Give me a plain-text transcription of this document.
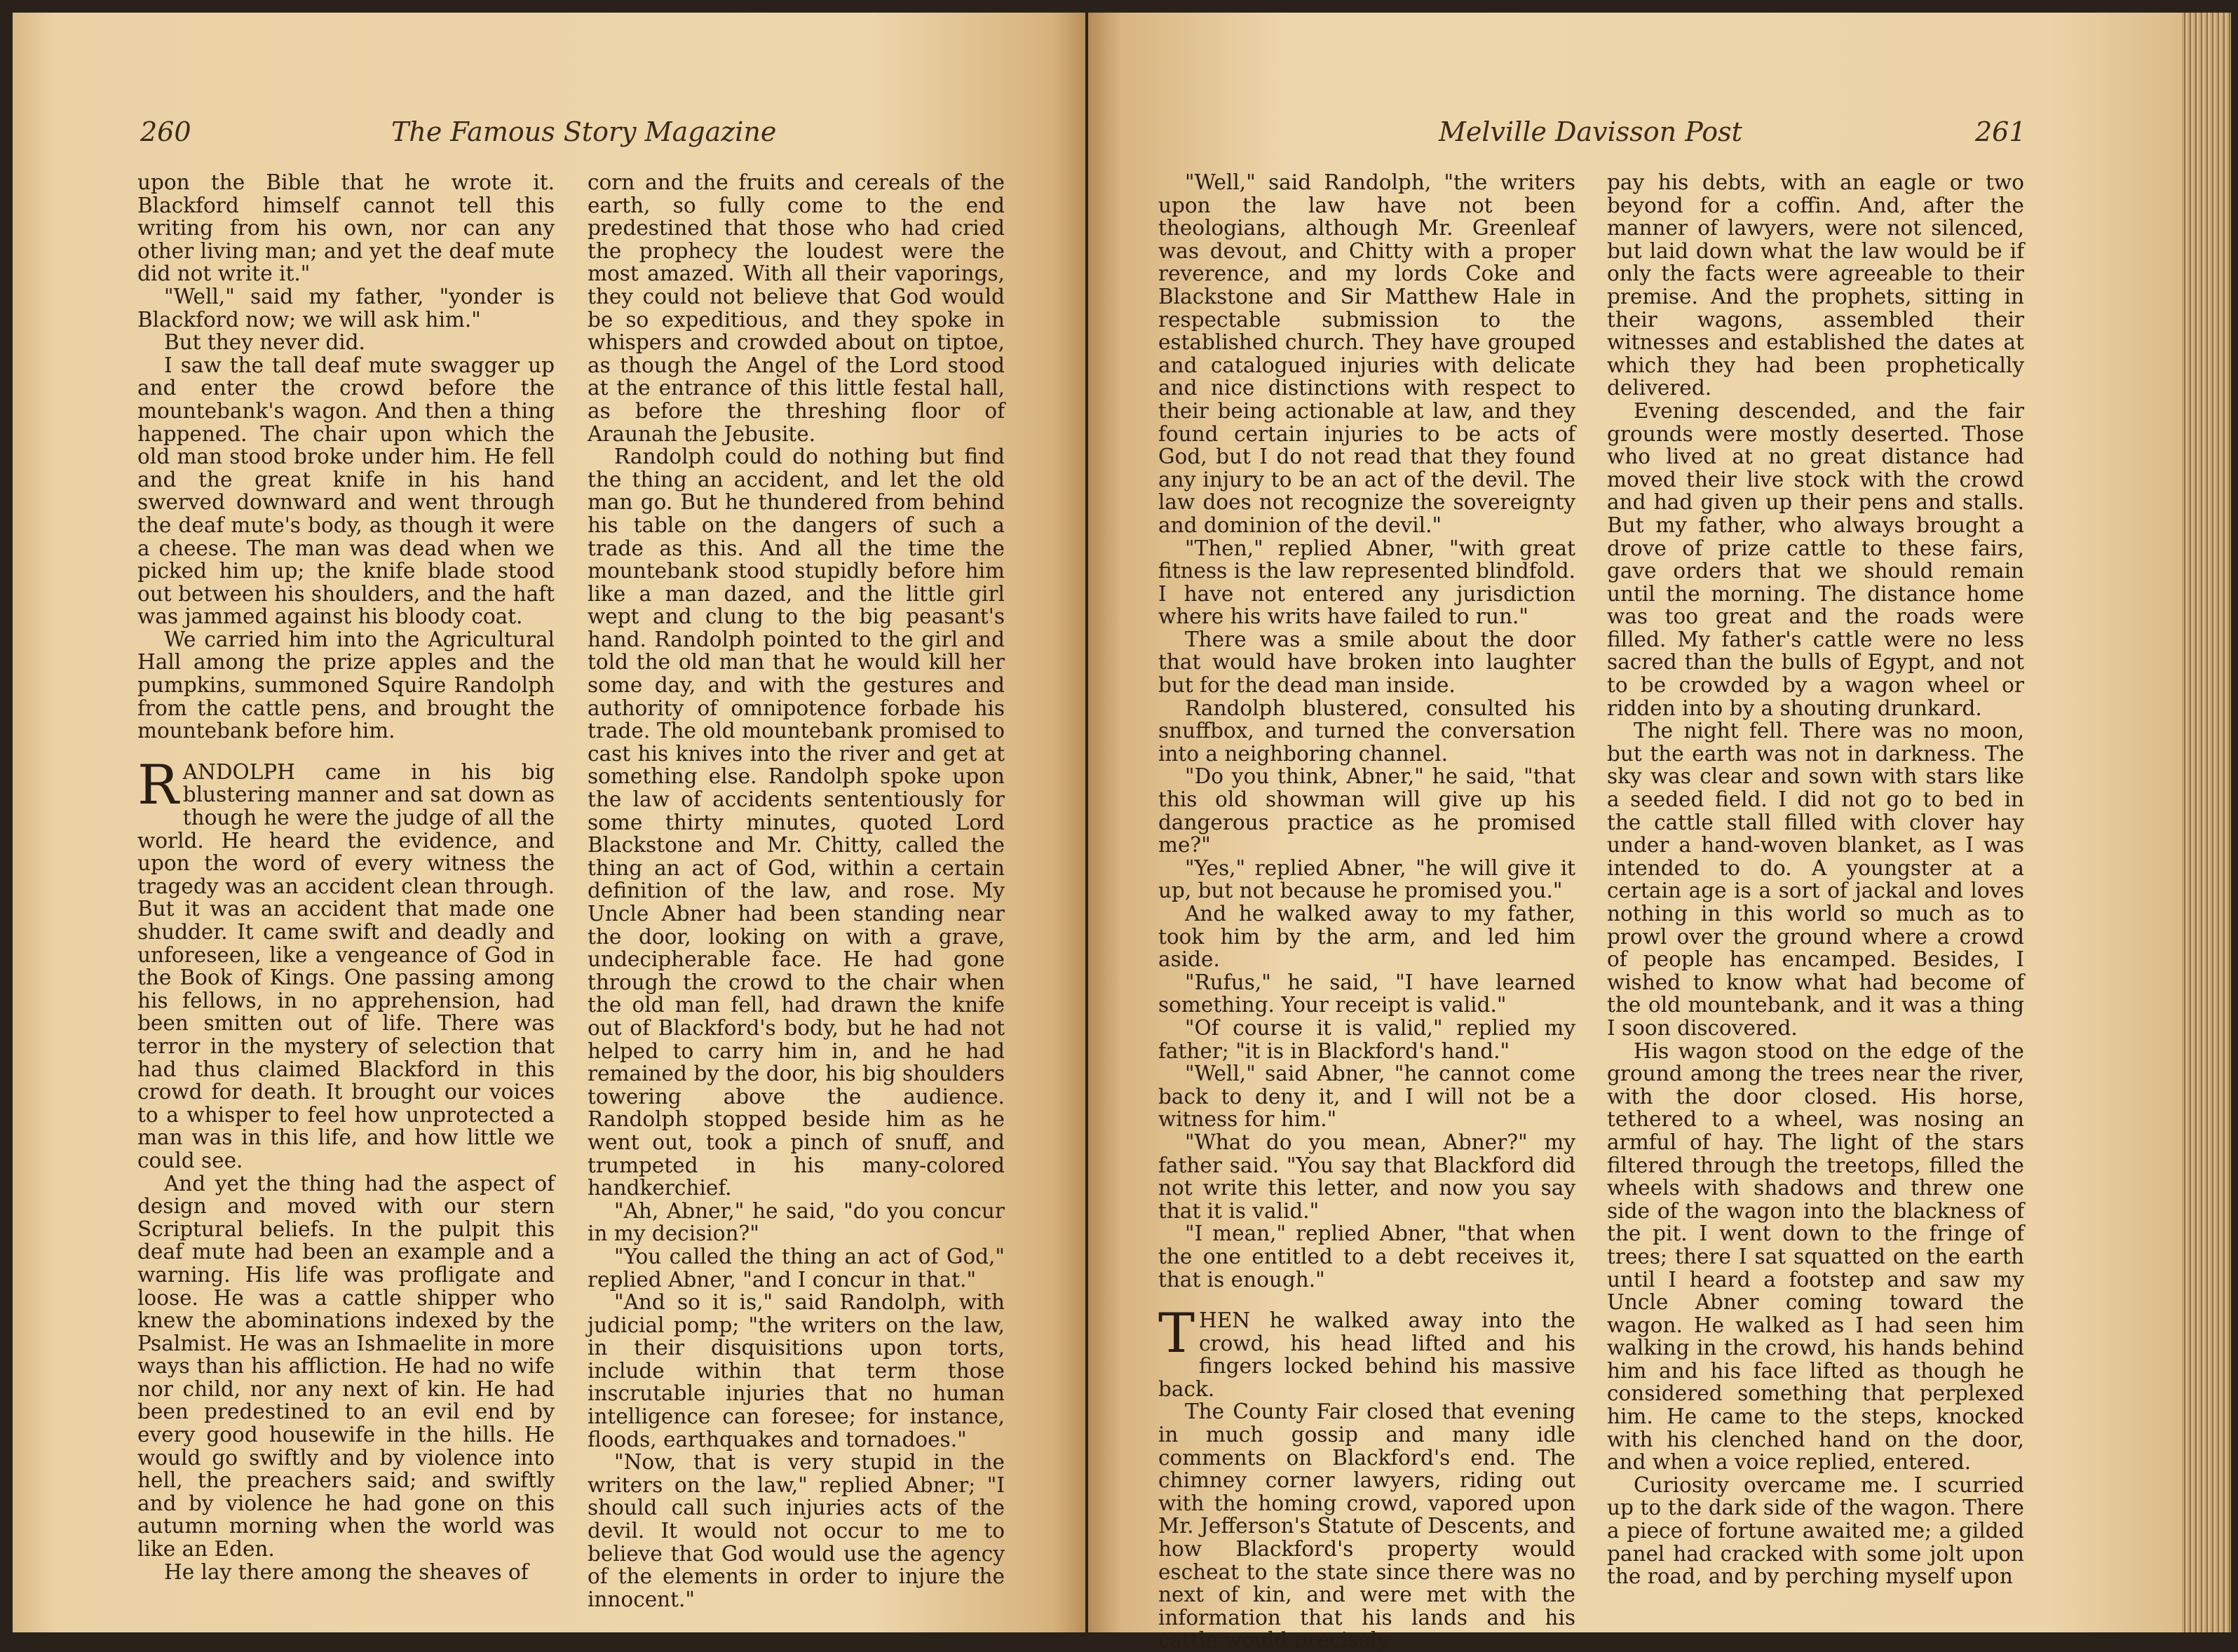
260	The Famous Story Magazine

upon the Bible that he wrote it. Blackford himself cannot tell this writing from his own, nor can any other living man; and yet the deaf mute did not write it."

"Well," said my father, "yonder is Blackford now; we will ask him."

But they never did.

I saw the tall deaf mute swagger up and enter the crowd before the mountebank's wagon. And then a thing happened. The chair upon which the old man stood broke under him. He fell and the great knife in his hand swerved downward and went through the deaf mute's body, as though it were a cheese. The man was dead when we picked him up; the knife blade stood out between his shoulders, and the haft was jammed against his bloody coat.

We carried him into the Agricultural Hall among the prize apples and the pumpkins, summoned Squire Randolph from the cattle pens, and brought the mountebank before him.

RANDOLPH came in his big blustering manner and sat down as though he were the judge of all the world. He heard the evidence, and upon the word of every witness the tragedy was an accident clean through. But it was an accident that made one shudder. It came swift and deadly and unforeseen, like a vengeance of God in the Book of Kings. One passing among his fellows, in no apprehension, had been smitten out of life. There was terror in the mystery of selection that had thus claimed Blackford in this crowd for death. It brought our voices to a whisper to feel how unprotected a man was in this life, and how little we could see.

And yet the thing had the aspect of design and moved with our stern Scriptural beliefs. In the pulpit this deaf mute had been an example and a warning. His life was profligate and loose. He was a cattle shipper who knew the abominations indexed by the Psalmist. He was an Ishmaelite in more ways than his affliction. He had no wife nor child, nor any next of kin. He had been predestined to an evil end by every good housewife in the hills. He would go swiftly and by violence into hell, the preachers said; and swiftly and by violence he had gone on this autumn morning when the world was like an Eden.

He lay there among the sheaves of

corn and the fruits and cereals of the earth, so fully come to the end predestined that those who had cried the prophecy the loudest were the most amazed. With all their vaporings, they could not believe that God would be so expeditious, and they spoke in whispers and crowded about on tiptoe, as though the Angel of the Lord stood at the entrance of this little festal hall, as before the threshing floor of Araunah the Jebusite.

Randolph could do nothing but find the thing an accident, and let the old man go. But he thundered from behind his table on the dangers of such a trade as this. And all the time the mountebank stood stupidly before him like a man dazed, and the little girl wept and clung to the big peasant's hand. Randolph pointed to the girl and told the old man that he would kill her some day, and with the gestures and authority of omnipotence forbade his trade. The old mountebank promised to cast his knives into the river and get at something else. Randolph spoke upon the law of accidents sententiously for some thirty minutes, quoted Lord Blackstone and Mr. Chitty, called the thing an act of God, within a certain definition of the law, and rose. My Uncle Abner had been standing near the door, looking on with a grave, undecipherable face. He had gone through the crowd to the chair when the old man fell, had drawn the knife out of Blackford's body, but he had not helped to carry him in, and he had remained by the door, his big shoulders towering above the audience. Randolph stopped beside him as he went out, took a pinch of snuff, and trumpeted in his many-colored handkerchief.

"Ah, Abner," he said, "do you concur in my decision?"

"You called the thing an act of God," replied Abner, "and I concur in that."

"And so it is," said Randolph, with judicial pomp; "the writers on the law, in their disquisitions upon torts, include within that term those inscrutable injuries that no human intelligence can foresee; for instance, floods, earthquakes and tornadoes."

"Now, that is very stupid in the writers on the law," replied Abner; "I should call such injuries acts of the devil. It would not occur to me to believe that God would use the agency of the elements in order to injure the innocent."

Melville Davisson Post	261

"Well," said Randolph, "the writers upon the law have not been theologians, although Mr. Greenleaf was devout, and Chitty with a proper reverence, and my lords Coke and Blackstone and Sir Matthew Hale in respectable submission to the established church. They have grouped and catalogued injuries with delicate and nice distinctions with respect to their being actionable at law, and they found certain injuries to be acts of God, but I do not read that they found any injury to be an act of the devil. The law does not recognize the sovereignty and dominion of the devil."

"Then," replied Abner, "with great fitness is the law represented blindfold. I have not entered any jurisdiction where his writs have failed to run."

There was a smile about the door that would have broken into laughter but for the dead man inside.

Randolph blustered, consulted his snuffbox, and turned the conversation into a neighboring channel.

"Do you think, Abner," he said, "that this old showman will give up his dangerous practice as he promised me?"

"Yes," replied Abner, "he will give it up, but not because he promised you."

And he walked away to my father, took him by the arm, and led him aside.

"Rufus," he said, "I have learned something. Your receipt is valid."

"Of course it is valid," replied my father; "it is in Blackford's hand."

"Well," said Abner, "he cannot come back to deny it, and I will not be a witness for him."

"What do you mean, Abner?" my father said. "You say that Blackford did not write this letter, and now you say that it is valid."

"I mean," replied Abner, "that when the one entitled to a debt receives it, that is enough."

THEN he walked away into the crowd, his head lifted and his fingers locked behind his massive back.

The County Fair closed that evening in much gossip and many idle comments on Blackford's end. The chimney corner lawyers, riding out with the homing crowd, vapored upon Mr. Jefferson's Statute of Descents, and how Blackford's property would escheat to the state since there was no next of kin, and were met with the information that his lands and his cattle would precisely

pay his debts, with an eagle or two beyond for a coffin. And, after the manner of lawyers, were not silenced, but laid down what the law would be if only the facts were agreeable to their premise. And the prophets, sitting in their wagons, assembled their witnesses and established the dates at which they had been prophetically delivered.

Evening descended, and the fair grounds were mostly deserted. Those who lived at no great distance had moved their live stock with the crowd and had given up their pens and stalls. But my father, who always brought a drove of prize cattle to these fairs, gave orders that we should remain until the morning. The distance home was too great and the roads were filled. My father's cattle were no less sacred than the bulls of Egypt, and not to be crowded by a wagon wheel or ridden into by a shouting drunkard.

The night fell. There was no moon, but the earth was not in darkness. The sky was clear and sown with stars like a seeded field. I did not go to bed in the cattle stall filled with clover hay under a hand-woven blanket, as I was intended to do. A youngster at a certain age is a sort of jackal and loves nothing in this world so much as to prowl over the ground where a crowd of people has encamped. Besides, I wished to know what had become of the old mountebank, and it was a thing I soon discovered.

His wagon stood on the edge of the ground among the trees near the river, with the door closed. His horse, tethered to a wheel, was nosing an armful of hay. The light of the stars filtered through the treetops, filled the wheels with shadows and threw one side of the wagon into the blackness of the pit. I went down to the fringe of trees; there I sat squatted on the earth until I heard a footstep and saw my Uncle Abner coming toward the wagon. He walked as I had seen him walking in the crowd, his hands behind him and his face lifted as though he considered something that perplexed him. He came to the steps, knocked with his clenched hand on the door, and when a voice replied, entered.

Curiosity overcame me. I scurried up to the dark side of the wagon. There a piece of fortune awaited me; a gilded panel had cracked with some jolt upon the road, and by perching myself upon
